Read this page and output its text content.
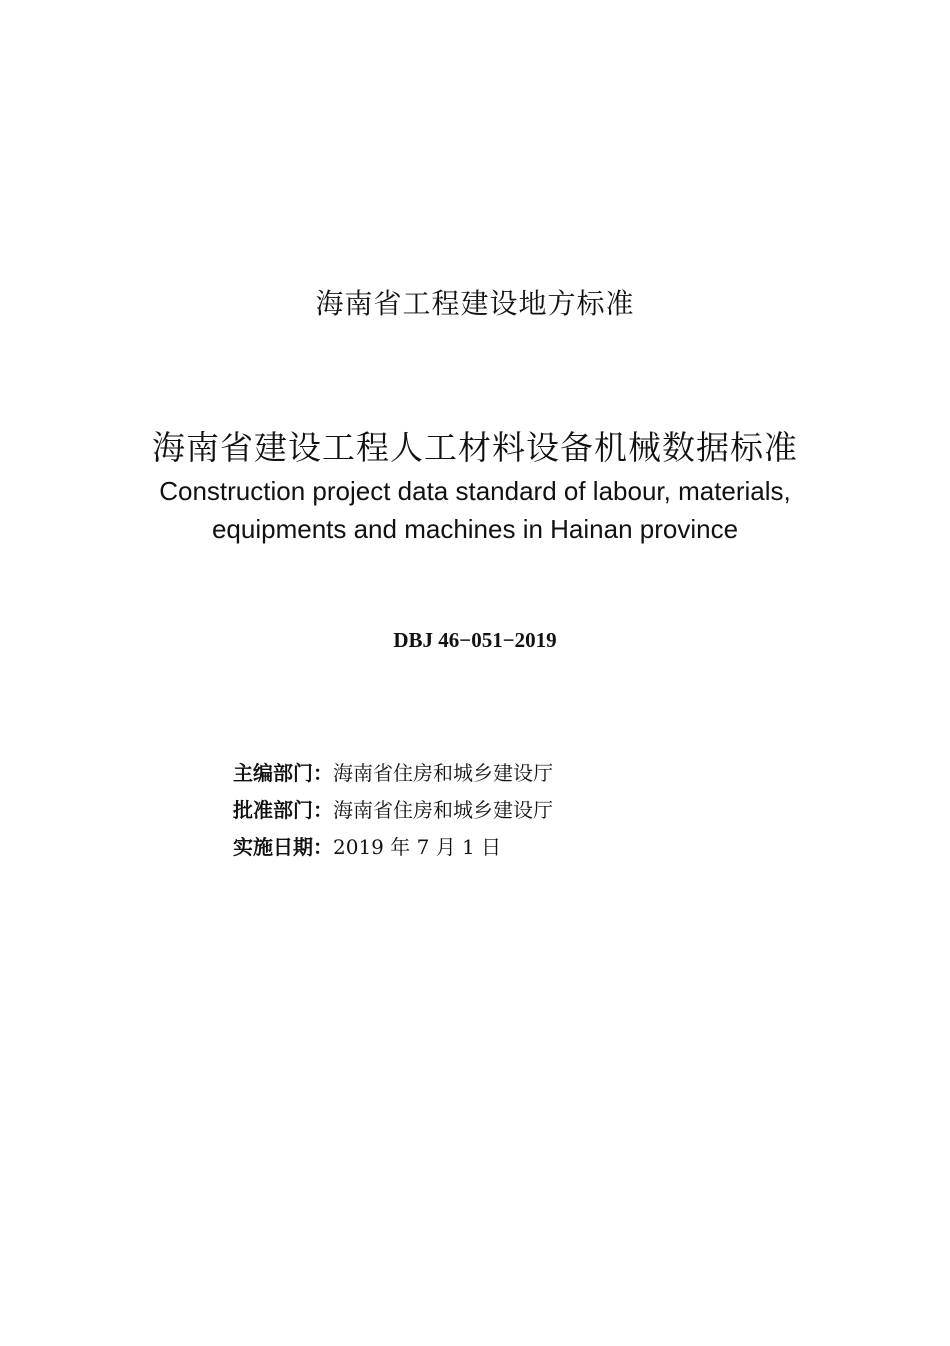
海南省工程建设地方标准
海南省建设工程人工材料设备机械数据标准
Construction project data standard of labour, materials,
equipments and machines in Hainan province
DBJ 46−051−2019
主编部门：海南省住房和城乡建设厅
批准部门：海南省住房和城乡建设厅
实施日期：2019 年 7 月 1 日
